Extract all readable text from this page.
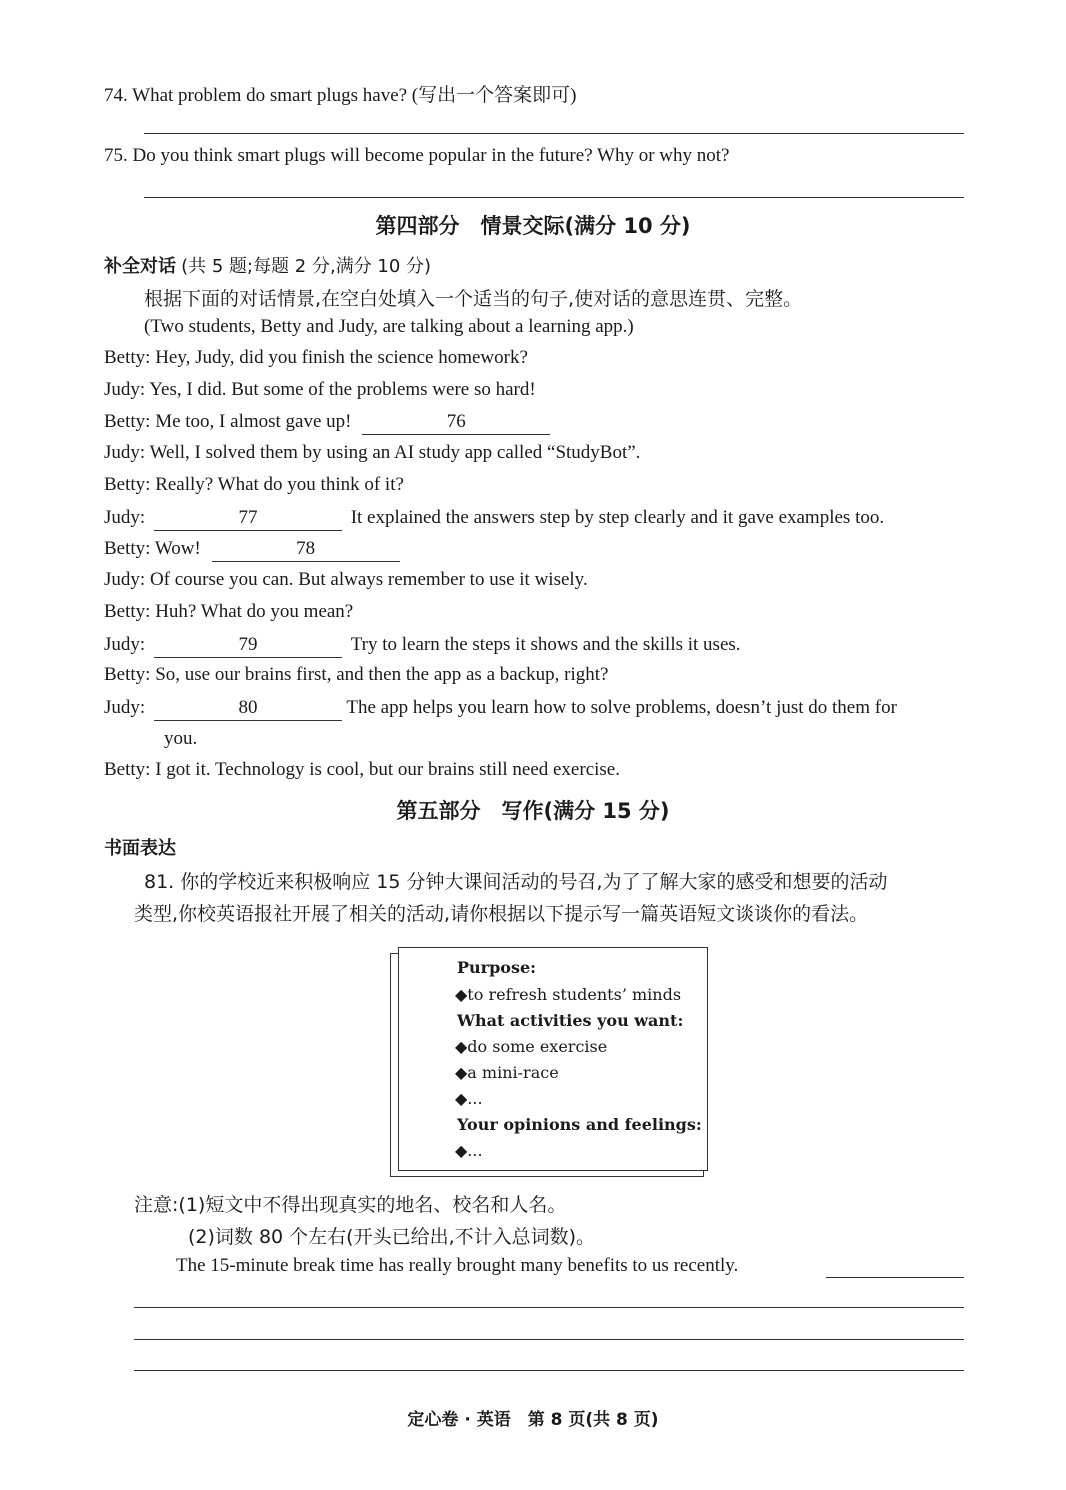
74. What problem do smart plugs have? (写出一个答案即可)
75. Do you think smart plugs will become popular in the future? Why or why not?
第四部分　情景交际(满分 10 分)
补全对话 (共 5 题;每题 2 分,满分 10 分)
根据下面的对话情景,在空白处填入一个适当的句子,使对话的意思连贯、完整。
(Two students, Betty and Judy, are talking about a learning app.)
Betty: Hey, Judy, did you finish the science homework?
Judy: Yes, I did. But some of the problems were so hard!
Betty: Me too, I almost gave up!	76
Judy: Well, I solved them by using an AI study app called “StudyBot”.
Betty: Really? What do you think of it?
Judy:	77	It explained the answers step by step clearly and it gave examples too.
Betty: Wow!	78
Judy: Of course you can. But always remember to use it wisely.
Betty: Huh? What do you mean?
Judy:	79	Try to learn the steps it shows and the skills it uses.
Betty: So, use our brains first, and then the app as a backup, right?
Judy:	80	The app helps you learn how to solve problems, doesn’t just do them for
you.
Betty: I got it. Technology is cool, but our brains still need exercise.
第五部分　写作(满分 15 分)
书面表达
81. 你的学校近来积极响应 15 分钟大课间活动的号召,为了了解大家的感受和想要的活动
类型,你校英语报社开展了相关的活动,请你根据以下提示写一篇英语短文谈谈你的看法。
Purpose:
◆to refresh students’ minds
What activities you want:
◆do some exercise
◆a mini-race
◆...
Your opinions and feelings:
◆...
注意:(1)短文中不得出现真实的地名、校名和人名。
(2)词数 80 个左右(开头已给出,不计入总词数)。
The 15-minute break time has really brought many benefits to us recently.
定心卷 · 英语　第 8 页(共 8 页)
